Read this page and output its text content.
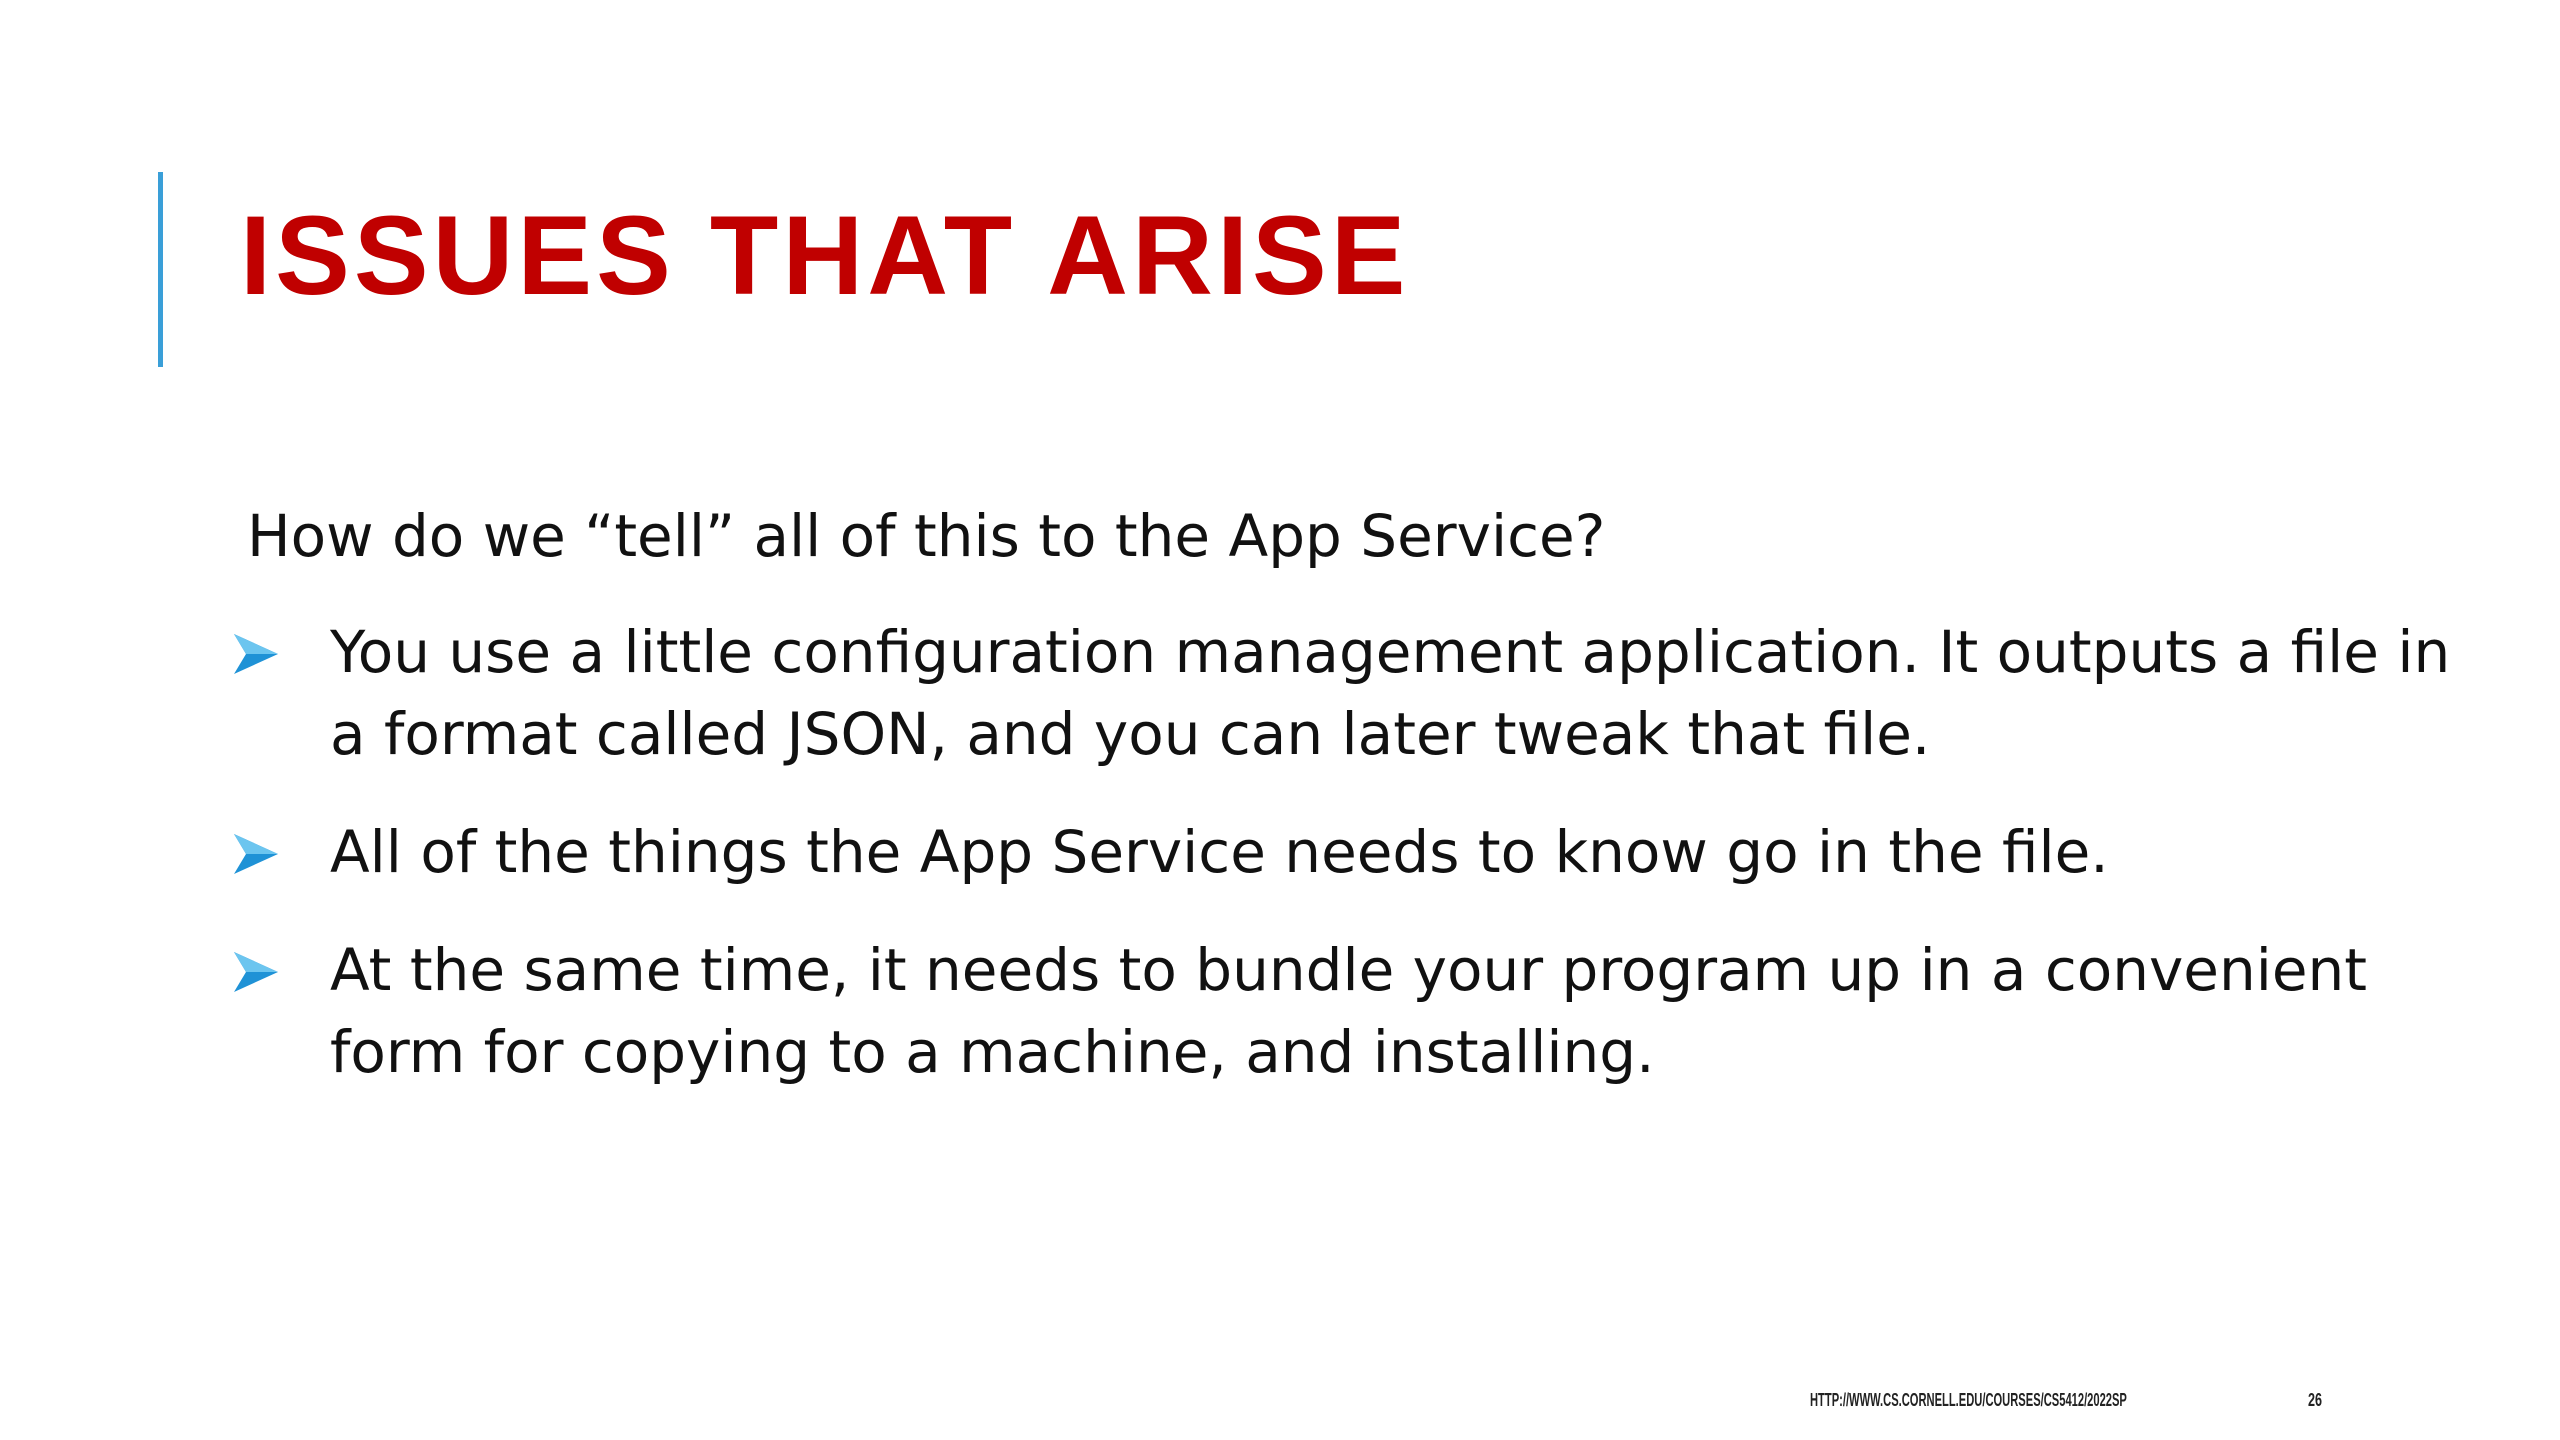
ISSUES THAT ARISE

How do we “tell” all of this to the App Service?

You use a little configuration management application. It outputs a file in a format called JSON, and you can later tweak that file.
All of the things the App Service needs to know go in the file.
At the same time, it needs to bundle your program up in a convenient form for copying to a machine, and installing.
HTTP://WWW.CS.CORNELL.EDU/COURSES/CS5412/2022SP	26
